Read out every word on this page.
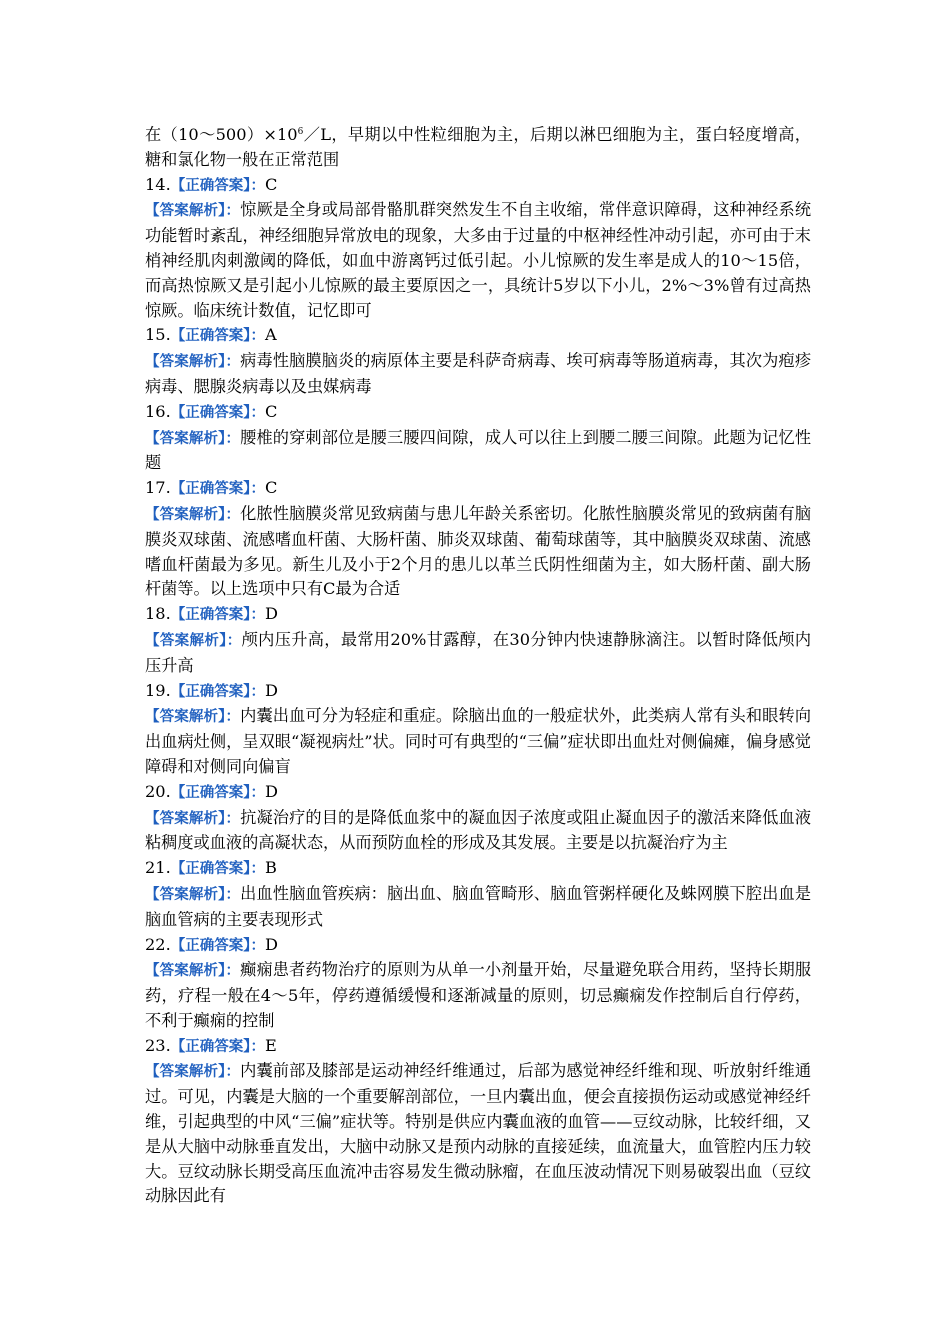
在$(10\sim 500)\times 10^6/L$，早期以中性粒细胞为主，后期以淋巴细胞为主，蛋白轻度增高，糖和氯化物一般在正常范围

14.【正确答案】：C

【答案解析】：惊厥是全身或局部骨骼肌群突然发生不自主收缩，常伴意识障碍，这种神经系统功能暂时紊乱，神经细胞异常放电的现象，大多由于过量的中枢神经性冲动引起，亦可由于末梢神经肌肉刺激阈的降低，如血中游离钙过低引起。小儿惊厥的发生率是成人的10～15倍，而高热惊厥又是引起小儿惊厥的最主要原因之一，具统计5岁以下小儿，2%～3%曾有过高热惊厥。临床统计数值，记忆即可

15.【正确答案】：A

【答案解析】：病毒性脑膜脑炎的病原体主要是科萨奇病毒、埃可病毒等肠道病毒，其次为疱疹病毒、腮腺炎病毒以及虫媒病毒

16.【正确答案】：C

【答案解析】：腰椎的穿刺部位是腰三腰四间隙，成人可以往上到腰二腰三间隙。此题为记忆性题

17.【正确答案】：C

【答案解析】：化脓性脑膜炎常见致病菌与患儿年龄关系密切。化脓性脑膜炎常见的致病菌有脑膜炎双球菌、流感嗜血杆菌、大肠杆菌、肺炎双球菌、葡萄球菌等，其中脑膜炎双球菌、流感嗜血杆菌最为多见。新生儿及小于2个月的患儿以革兰氏阴性细菌为主，如大肠杆菌、副大肠杆菌等。以上选项中只有C最为合适

18.【正确答案】：D

【答案解析】：颅内压升高，最常用20%甘露醇，在30分钟内快速静脉滴注。以暂时降低颅内压升高

19.【正确答案】：D

【答案解析】：内囊出血可分为轻症和重症。除脑出血的一般症状外，此类病人常有头和眼转向出血病灶侧，呈双眼“凝视病灶”状。同时可有典型的“三偏”症状即出血灶对侧偏瘫，偏身感觉障碍和对侧同向偏盲

20.【正确答案】：D

【答案解析】：抗凝治疗的目的是降低血浆中的凝血因子浓度或阻止凝血因子的激活来降低血液粘稠度或血液的高凝状态，从而预防血栓的形成及其发展。主要是以抗凝治疗为主

21.【正确答案】：B

【答案解析】：出血性脑血管疾病：脑出血、脑血管畸形、脑血管粥样硬化及蛛网膜下腔出血是脑血管病的主要表现形式

22.【正确答案】：D

【答案解析】：癫痫患者药物治疗的原则为从单一小剂量开始，尽量避免联合用药，坚持长期服药，疗程一般在4～5年，停药遵循缓慢和逐渐减量的原则，切忌癫痫发作控制后自行停药，不利于癫痫的控制

23.【正确答案】：E

【答案解析】：内囊前部及膝部是运动神经纤维通过，后部为感觉神经纤维和现、听放射纤维通过。可见，内囊是大脑的一个重要解剖部位，一旦内囊出血，便会直接损伤运动或感觉神经纤维，引起典型的中风“三偏”症状等。特别是供应内囊血液的血管——豆纹动脉，比较纤细，又是从大脑中动脉垂直发出，大脑中动脉又是预内动脉的直接延续，血流量大，血管腔内压力较大。豆纹动脉长期受高压血流冲击容易发生微动脉瘤，在血压波动情况下则易破裂出血（豆纹动脉因此有
